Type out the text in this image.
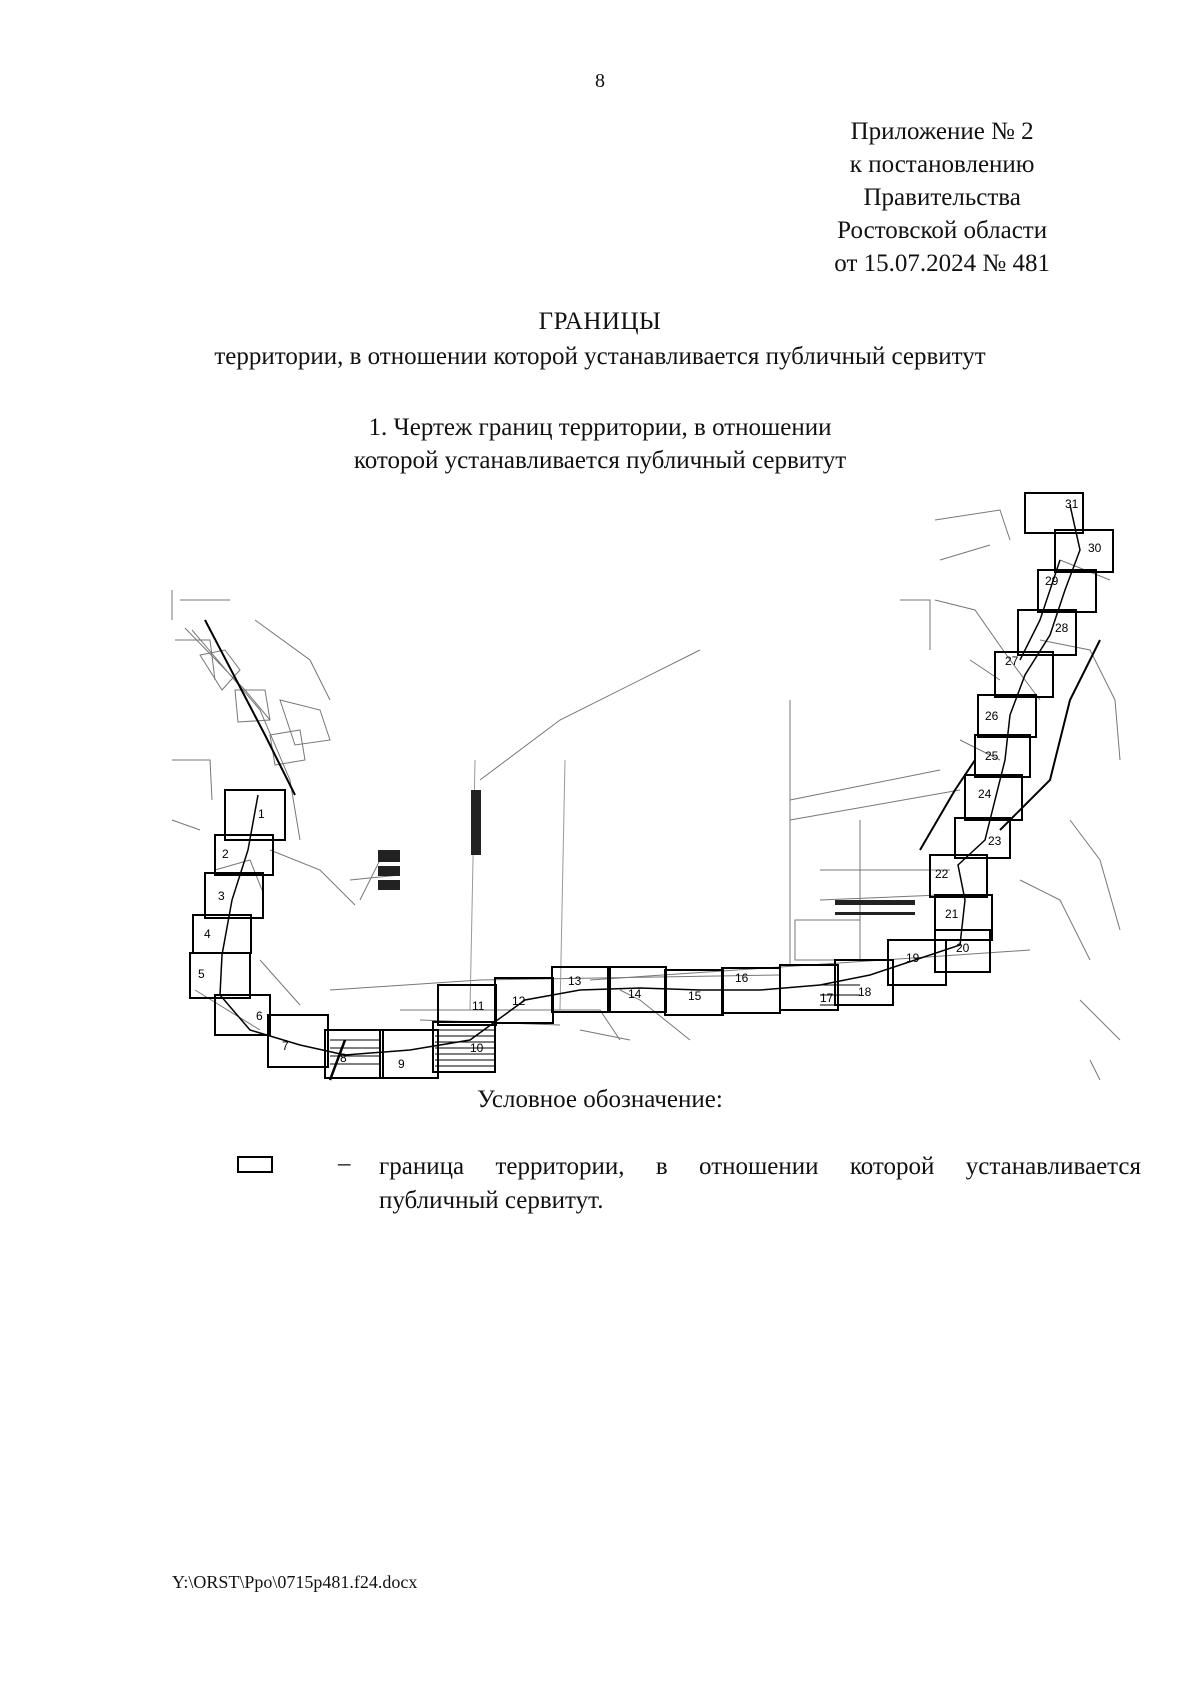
8
Приложение № 2
к постановлению
Правительства
Ростовской области
от 15.07.2024 № 481
ГРАНИЦЫ
территории, в отношении которой устанавливается публичный сервитут
1. Чертеж границ территории, в отношении
которой устанавливается публичный сервитут
1
2
3
4
5
6
7
8	9
10
11 12
13
14	15
16
17 18
19
20
21
22
23
24
25
26
27
28
29
30
31
Условное обозначение:
– граница территории, в отношении которой устанавливается публичный сервитут.
Y:\ORST\Ppo\0715p481.f24.docx
